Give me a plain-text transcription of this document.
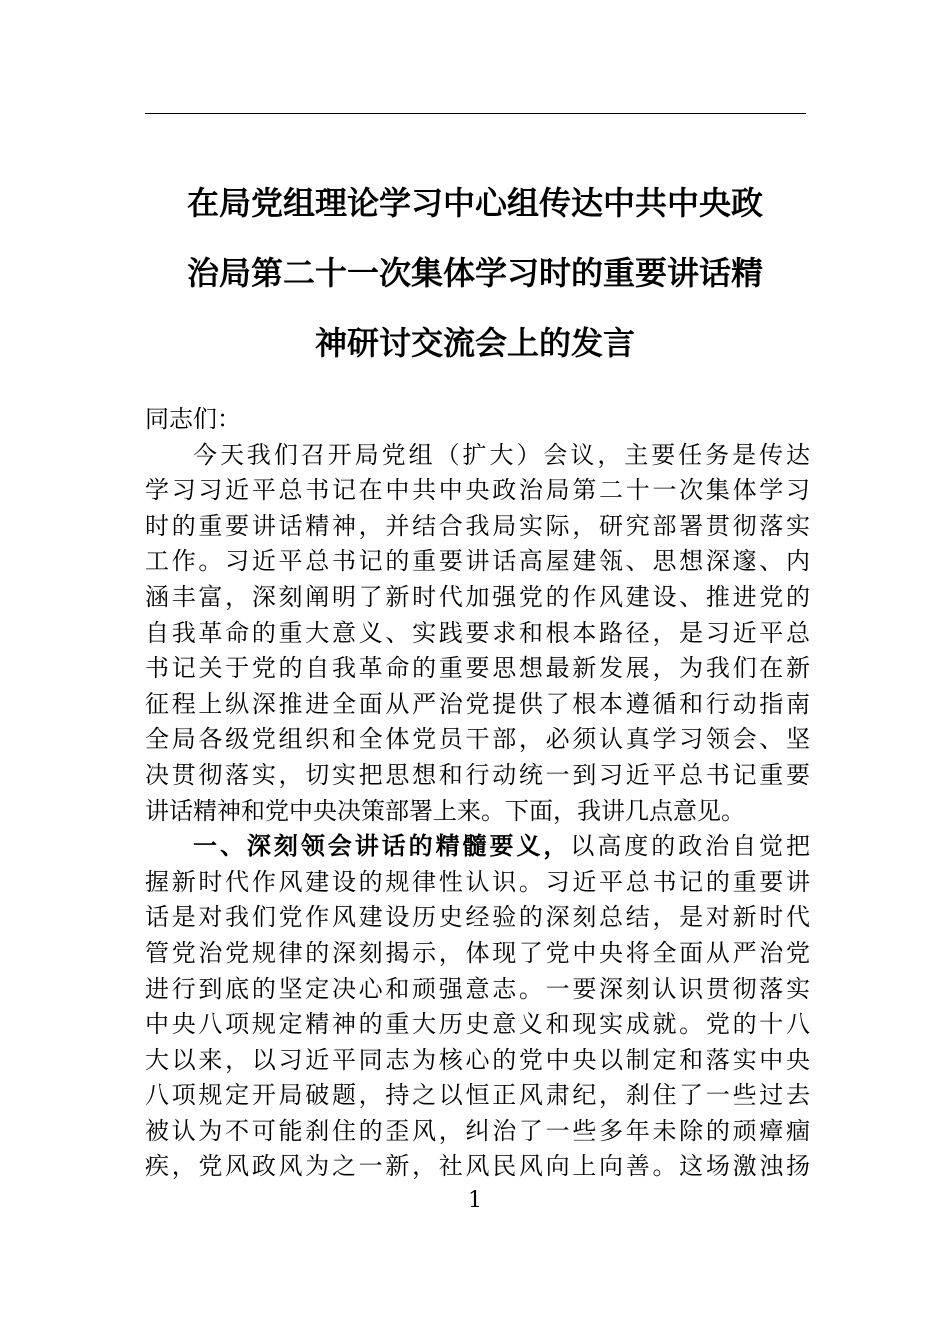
在局党组理论学习中心组传达中共中央政
治局第二十一次集体学习时的重要讲话精
神研讨交流会上的发言
同志们：
今天我们召开局党组（扩大）会议，主要任务是传达
学习习近平总书记在中共中央政治局第二十一次集体学习
时的重要讲话精神，并结合我局实际，研究部署贯彻落实
工作。习近平总书记的重要讲话高屋建瓴、思想深邃、内
涵丰富，深刻阐明了新时代加强党的作风建设、推进党的
自我革命的重大意义、实践要求和根本路径，是习近平总
书记关于党的自我革命的重要思想最新发展，为我们在新
征程上纵深推进全面从严治党提供了根本遵循和行动指南
全局各级党组织和全体党员干部，必须认真学习领会、坚
决贯彻落实，切实把思想和行动统一到习近平总书记重要
讲话精神和党中央决策部署上来。下面，我讲几点意见。
一、深刻领会讲话的精髓要义，以高度的政治自觉把
握新时代作风建设的规律性认识。习近平总书记的重要讲
话是对我们党作风建设历史经验的深刻总结，是对新时代
管党治党规律的深刻揭示，体现了党中央将全面从严治党
进行到底的坚定决心和顽强意志。一要深刻认识贯彻落实
中央八项规定精神的重大历史意义和现实成就。党的十八
大以来，以习近平同志为核心的党中央以制定和落实中央
八项规定开局破题，持之以恒正风肃纪，刹住了一些过去
被认为不可能刹住的歪风，纠治了一些多年未除的顽瘴痼
疾，党风政风为之一新，社风民风向上向善。这场激浊扬
1
